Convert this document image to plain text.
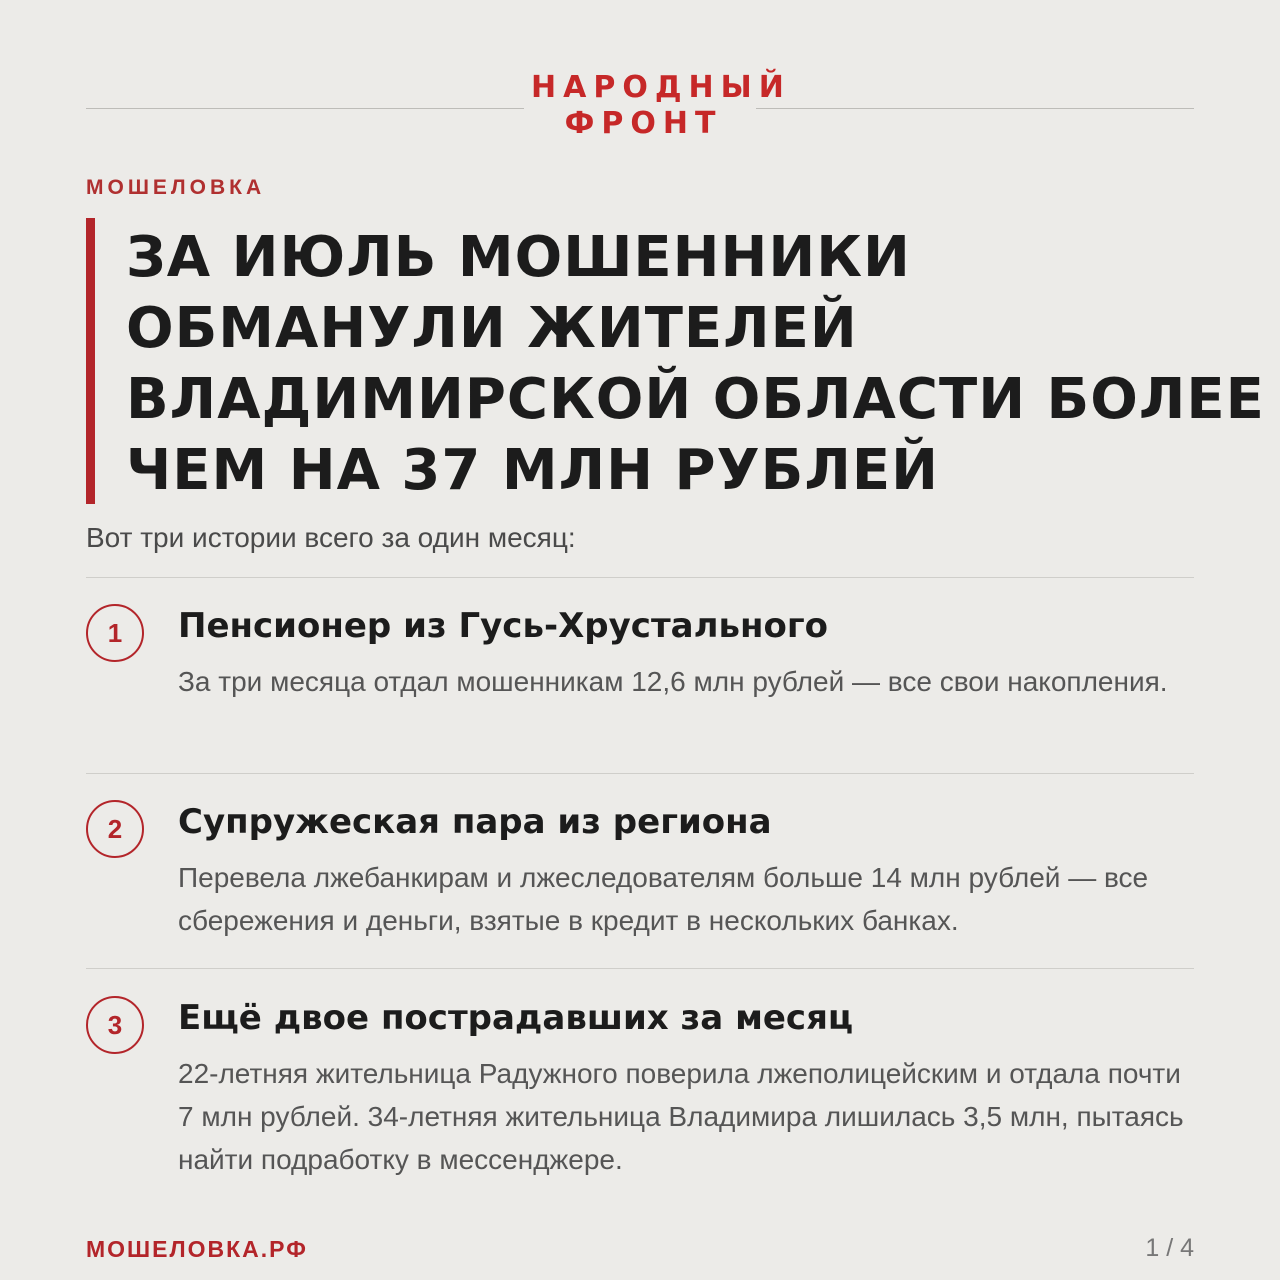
НАРОДНЫЙ
ФРОНТ
МОШЕЛОВКА
ЗА ИЮЛЬ МОШЕННИКИ
ОБМАНУЛИ ЖИТЕЛЕЙ
ВЛАДИМИРСКОЙ ОБЛАСТИ БОЛЕЕ
ЧЕМ НА 37 МЛН РУБЛЕЙ
Вот три истории всего за один месяц:
1	Пенсионер из Гусь-Хрустального
За три месяца отдал мошенникам 12,6 млн рублей — все свои накопления.
2	Супружеская пара из региона
Перевела лжебанкирам и лжеследователям больше 14 млн рублей — все сбережения и деньги, взятые в кредит в нескольких банках.
3	Ещё двое пострадавших за месяц
22-летняя жительница Радужного поверила лжеполицейским и отдала почти 7 млн рублей. 34-летняя жительница Владимира лишилась 3,5 млн, пытаясь найти подработку в мессенджере.
МОШЕЛОВКА.РФ	1 / 4
